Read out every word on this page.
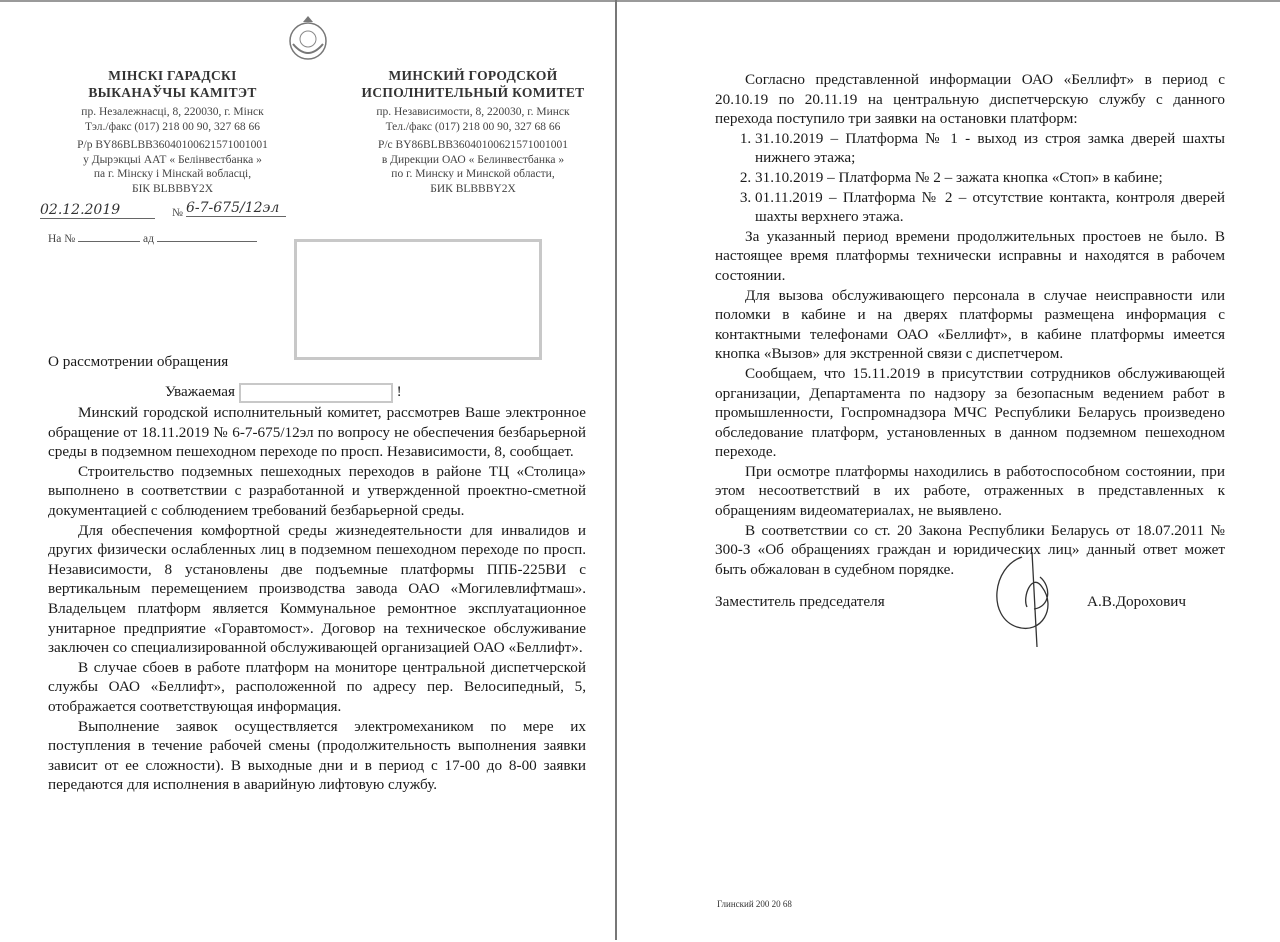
МІНСКІ ГАРАДСКІ
ВЫКАНАЎЧЫ КАМІТЭТ
пр. Незалежнасці, 8, 220030, г. Мінск
Тэл./факс (017) 218 00 90, 327 68 66
Р/р BY86BLBB36040100621571001001
у Дырэкцыі ААТ « Белінвестбанка »
па г. Мінску і Мінскай вобласці,
БІК BLBBBY2X
МИНСКИЙ ГОРОДСКОЙ
ИСПОЛНИТЕЛЬНЫЙ КОМИТЕТ
пр. Независимости, 8, 220030, г. Минск
Тел./факс (017) 218 00 90, 327 68 66
Р/с BY86BLBB36040100621571001001
в Дирекции ОАО « Белинвестбанка »
по г. Минску и Минской области,
БИК BLBBBY2X
02.12.2019	№ 6-7-675/12эл
На №	ад
О рассмотрении обращения
Уважаемая	!
Минский городской исполнительный комитет, рассмотрев Ваше электронное обращение от 18.11.2019 № 6-7-675/12эл по вопросу не обеспечения безбарьерной среды в подземном пешеходном переходе по просп. Независимости, 8, сообщает.
Строительство подземных пешеходных переходов в районе ТЦ «Столица» выполнено в соответствии с разработанной и утвержденной проектно-сметной документацией с соблюдением требований безбарьерной среды.
Для обеспечения комфортной среды жизнедеятельности для инвалидов и других физически ослабленных лиц в подземном пешеходном переходе по просп. Независимости, 8 установлены две подъемные платформы ППБ-225ВИ с вертикальным перемещением производства завода ОАО «Могилевлифтмаш». Владельцем платформ является Коммунальное ремонтное эксплуатационное унитарное предприятие «Горавтомост». Договор на техническое обслуживание заключен со специализированной обслуживающей организацией ОАО «Беллифт».
В случае сбоев в работе платформ на мониторе центральной диспетчерской службы ОАО «Беллифт», расположенной по адресу пер. Велосипедный, 5, отображается соответствующая информация.
Выполнение заявок осуществляется электромехаником по мере их поступления в течение рабочей смены (продолжительность выполнения заявки зависит от ее сложности). В выходные дни и в период с 17-00 до 8-00 заявки передаются для исполнения в аварийную лифтовую службу.
Согласно представленной информации ОАО «Беллифт» в период с 20.10.19 по 20.11.19 на центральную диспетчерскую службу с данного перехода поступило три заявки на остановки платформ:
1. 31.10.2019 – Платформа № 1 - выход из строя замка дверей шахты нижнего этажа;
2. 31.10.2019 – Платформа № 2 – зажата кнопка «Стоп» в кабине;
3. 01.11.2019 – Платформа № 2 – отсутствие контакта, контроля дверей шахты верхнего этажа.
За указанный период времени продолжительных простоев не было. В настоящее время платформы технически исправны и находятся в рабочем состоянии.
Для вызова обслуживающего персонала в случае неисправности или поломки в кабине и на дверях платформы размещена информация с контактными телефонами ОАО «Беллифт», в кабине платформы имеется кнопка «Вызов» для экстренной связи с диспетчером.
Сообщаем, что 15.11.2019 в присутствии сотрудников обслуживающей организации, Департамента по надзору за безопасным ведением работ в промышленности, Госпромнадзора МЧС Республики Беларусь произведено обследование платформ, установленных в данном подземном пешеходном переходе.
При осмотре платформы находились в работоспособном состоянии, при этом несоответствий в их работе, отраженных в представленных к обращениям видеоматериалах, не выявлено.
В соответствии со ст. 20 Закона Республики Беларусь от 18.07.2011 № 300-З «Об обращениях граждан и юридических лиц» данный ответ может быть обжалован в судебном порядке.
Заместитель председателя	А.В.Дорохович
Глинский 200 20 68
